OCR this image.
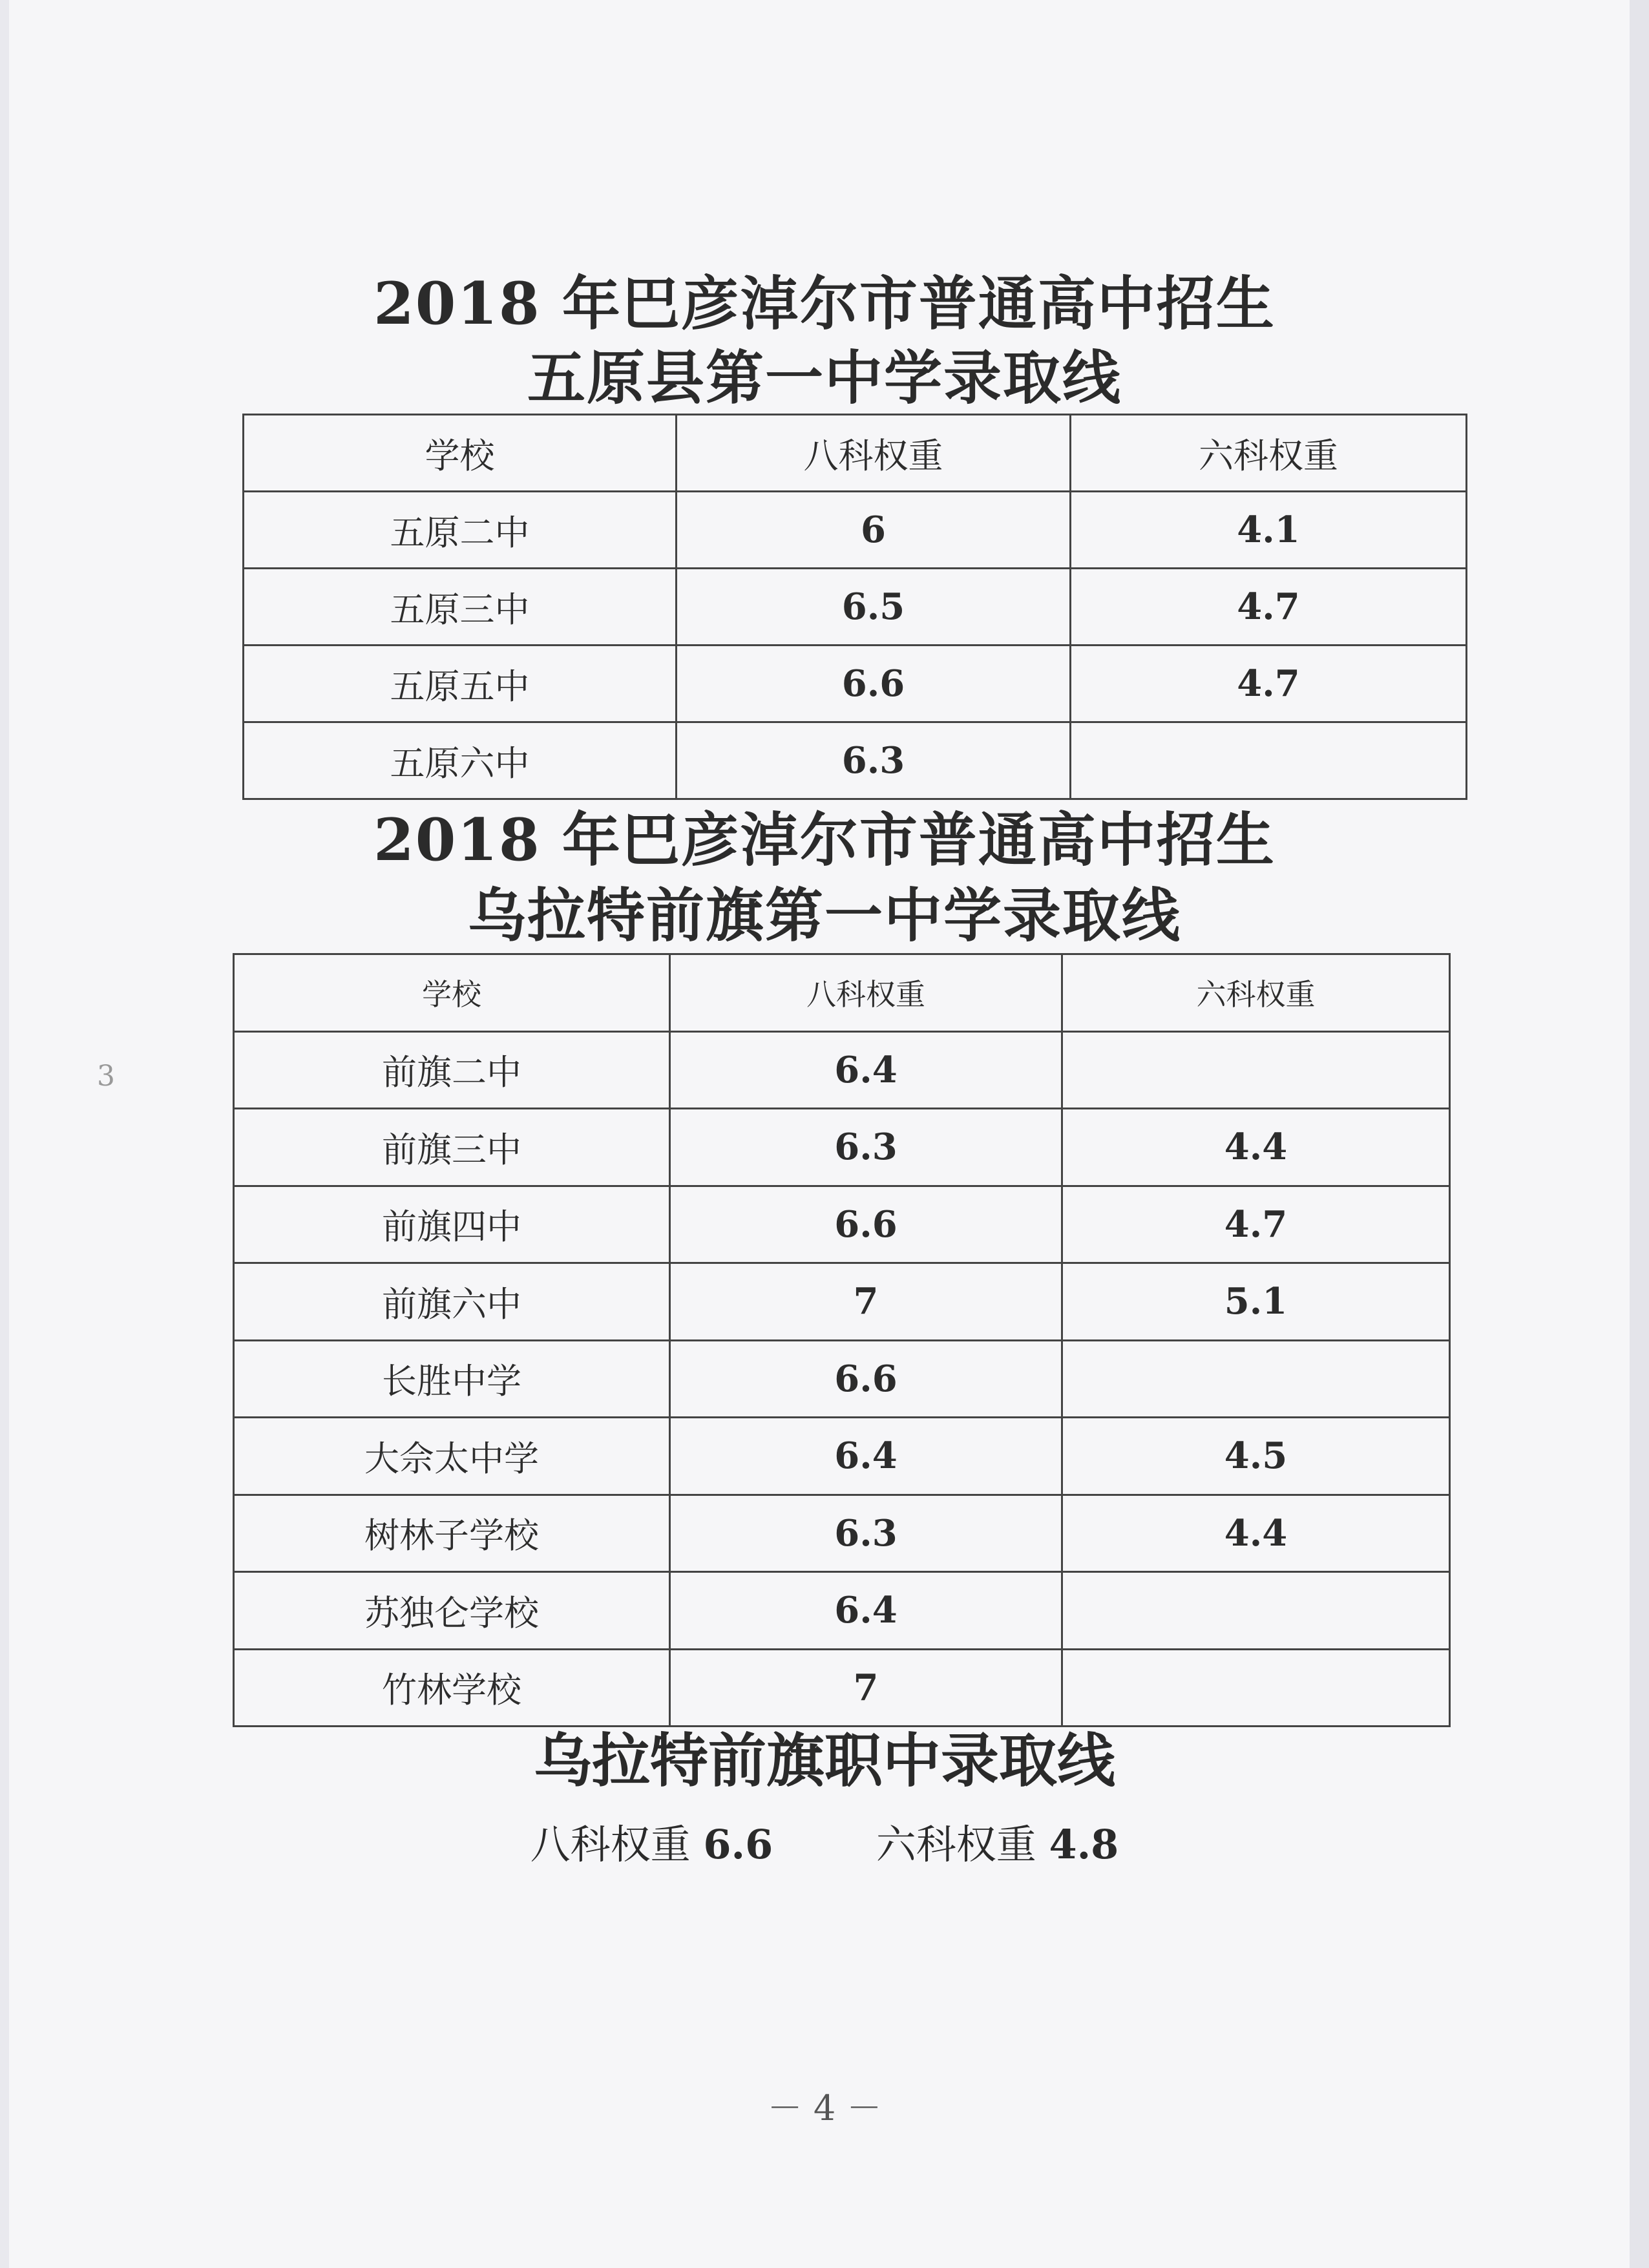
3
2018 年巴彦淖尔市普通高中招生
五原县第一中学录取线
学校	八科权重	六科权重
五原二中	6	4.1
五原三中	6.5	4.7
五原五中	6.6	4.7
五原六中	6.3	
2018 年巴彦淖尔市普通高中招生
乌拉特前旗第一中学录取线
学校	八科权重	六科权重
前旗二中	6.4	
前旗三中	6.3	4.4
前旗四中	6.6	4.7
前旗六中	7	5.1
长胜中学	6.6	
大佘太中学	6.4	4.5
树林子学校	6.3	4.4
苏独仑学校	6.4	
竹林学校	7	
乌拉特前旗职中录取线
八科权重 6.6	六科权重 4.8
－ 4 －
